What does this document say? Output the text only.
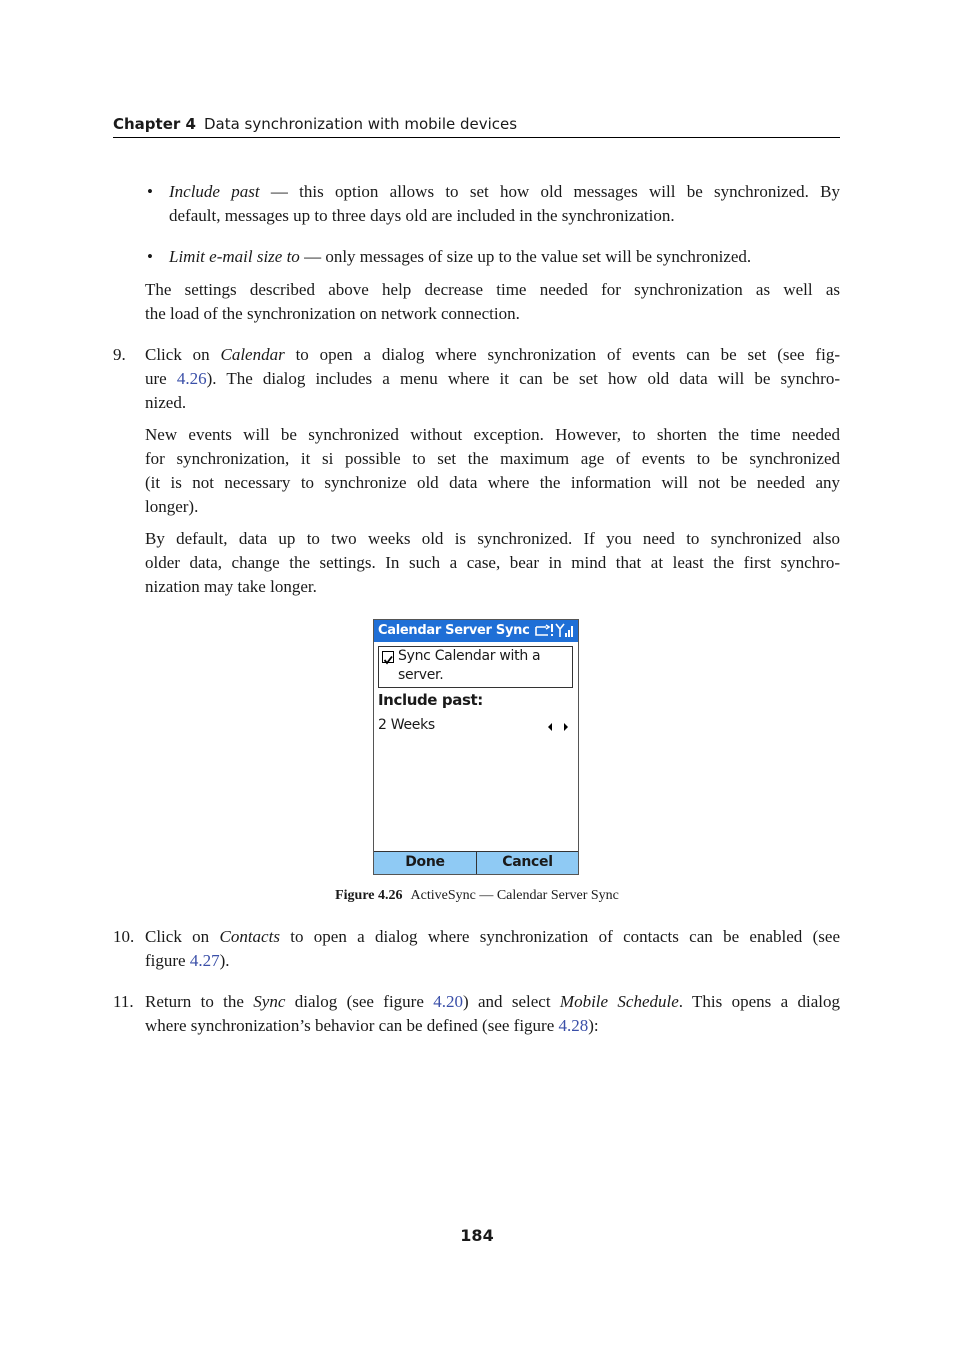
Chapter 4 Data synchronization with mobile devices
• Include past — this option allows to set how old messages will be synchronized. By
default, messages up to three days old are included in the synchronization.
• Limit e-mail size to — only messages of size up to the value set will be synchronized.
The settings described above help decrease time needed for synchronization as well as
the load of the synchronization on network connection.
9. Click on Calendar to open a dialog where synchronization of events can be set (see fig-
ure 4.26). The dialog includes a menu where it can be set how old data will be synchro-
nized.
New events will be synchronized without exception. However, to shorten the time needed
for synchronization, it si possible to set the maximum age of events to be synchronized
(it is not necessary to synchronize old data where the information will not be needed any
longer).
By default, data up to two weeks old is synchronized. If you need to synchronized also
older data, change the settings. In such a case, bear in mind that at least the first synchro-
nization may take longer.
Calendar Server Sync
Sync Calendar with a server.
Include past:
2 Weeks
Done	Cancel
Figure 4.26 ActiveSync — Calendar Server Sync
10. Click on Contacts to open a dialog where synchronization of contacts can be enabled (see
figure 4.27).
11. Return to the Sync dialog (see figure 4.20) and select Mobile Schedule. This opens a dialog
where synchronization’s behavior can be defined (see figure 4.28):
184
